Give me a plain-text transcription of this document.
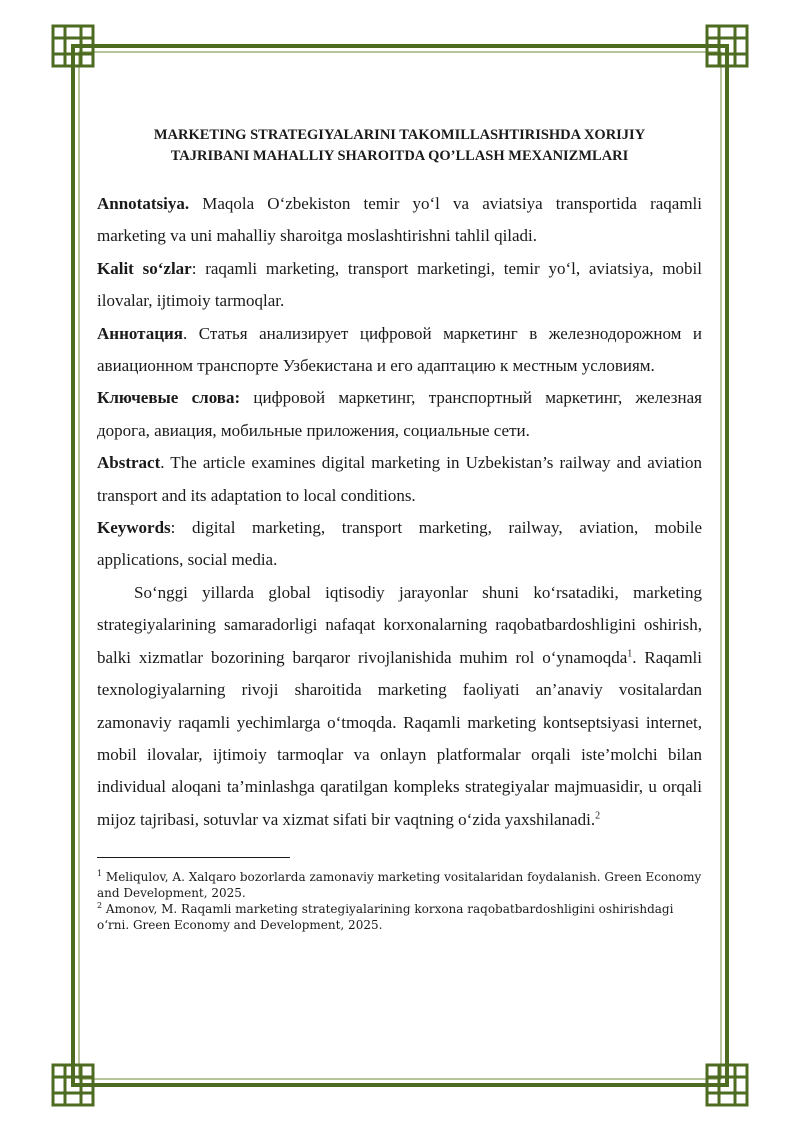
MARKETING STRATEGIYALARINI TAKOMILLASHTIRISHDA XORIJIY
TAJRIBANI MAHALLIY SHAROITDA QO’LLASH MEXANIZMLARI

Annotatsiya. Maqola Oʻzbekiston temir yoʻl va aviatsiya transportida raqamli marketing va uni mahalliy sharoitga moslashtirishni tahlil qiladi.

Kalit soʻzlar: raqamli marketing, transport marketingi, temir yoʻl, aviatsiya, mobil ilovalar, ijtimoiy tarmoqlar.

Аннотация. Статья анализирует цифровой маркетинг в железнодорожном и авиационном транспорте Узбекистана и его адаптацию к местным условиям.

Ключевые слова: цифровой маркетинг, транспортный маркетинг, железная дорога, авиация, мобильные приложения, социальные сети.

Abstract. The article examines digital marketing in Uzbekistan’s railway and aviation transport and its adaptation to local conditions.

Keywords: digital marketing, transport marketing, railway, aviation, mobile applications, social media.

Soʻnggi yillarda global iqtisodiy jarayonlar shuni koʻrsatadiki, marketing strategiyalarining samaradorligi nafaqat korxonalarning raqobatbardoshligini oshirish, balki xizmatlar bozorining barqaror rivojlanishida muhim rol oʻynamoqda$^1$. Raqamli texnologiyalarning rivoji sharoitida marketing faoliyati an’anaviy vositalardan zamonaviy raqamli yechimlarga oʻtmoqda. Raqamli marketing kontseptsiyasi internet, mobil ilovalar, ijtimoiy tarmoqlar va onlayn platformalar orqali iste’molchi bilan individual aloqani ta’minlashga qaratilgan kompleks strategiyalar majmuasidir, u orqali mijoz tajribasi, sotuvlar va xizmat sifati bir vaqtning oʻzida yaxshilanadi.$^2$

$^1$ Meliqulov, A. Xalqaro bozorlarda zamonaviy marketing vositalaridan foydalanish. Green Economy and Development, 2025.

$^2$ Amonov, M. Raqamli marketing strategiyalarining korxona raqobatbardoshligini oshirishdagi oʻrni. Green Economy and Development, 2025.
